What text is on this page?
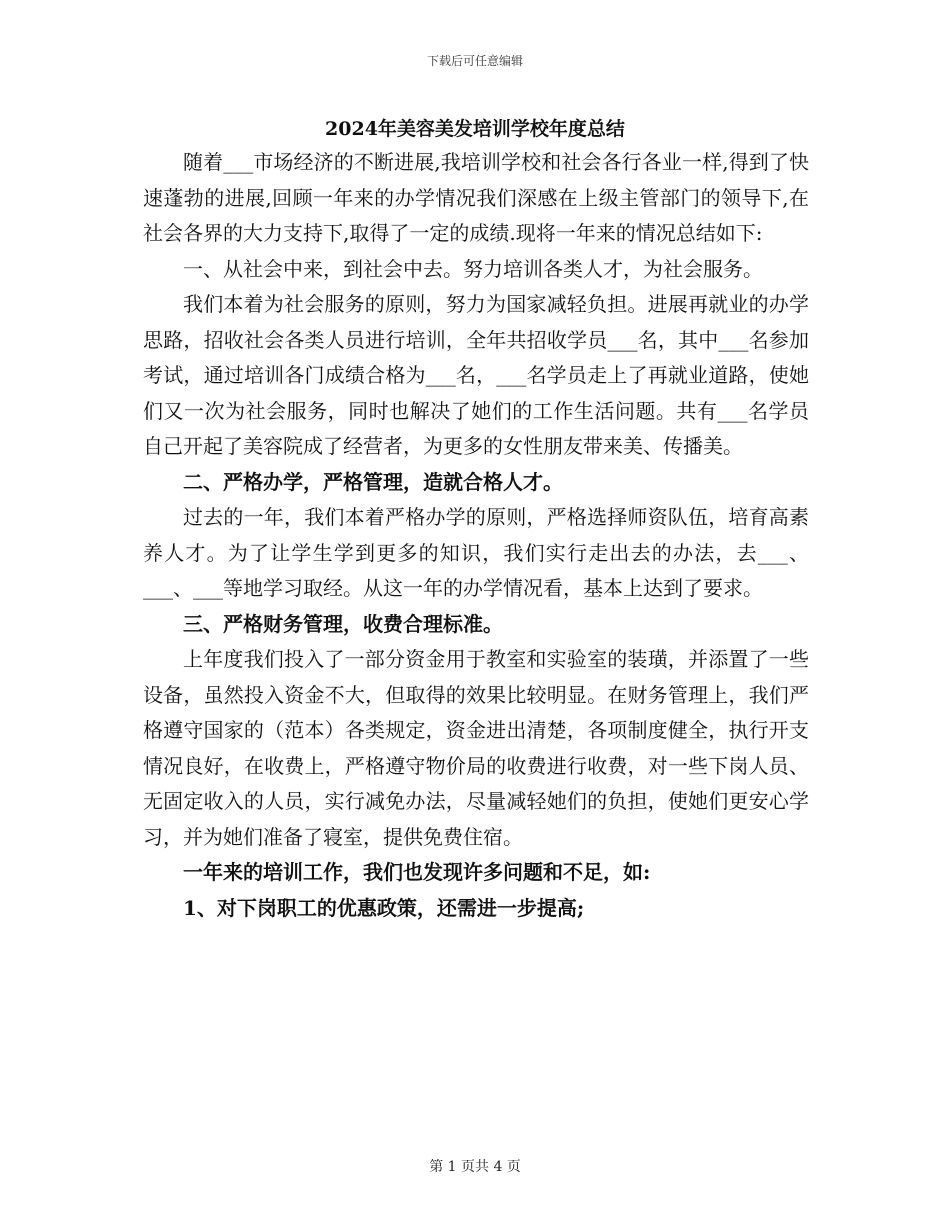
下载后可任意编辑
2024年美容美发培训学校年度总结

随着___市场经济的不断进展,我培训学校和社会各行各业一样,得到了快速蓬勃的进展,回顾一年来的办学情况我们深感在上级主管部门的领导下,在社会各界的大力支持下,取得了一定的成绩.现将一年来的情况总结如下:

一、从社会中来，到社会中去。努力培训各类人才，为社会服务。

我们本着为社会服务的原则，努力为国家减轻负担。进展再就业的办学思路，招收社会各类人员进行培训，全年共招收学员___名，其中___名参加考试，通过培训各门成绩合格为___名，___名学员走上了再就业道路，使她们又一次为社会服务，同时也解决了她们的工作生活问题。共有___名学员自己开起了美容院成了经营者，为更多的女性朋友带来美、传播美。

二、严格办学，严格管理，造就合格人才。

过去的一年，我们本着严格办学的原则，严格选择师资队伍，培育高素养人才。为了让学生学到更多的知识，我们实行走出去的办法，去___、___、___等地学习取经。从这一年的办学情况看，基本上达到了要求。

三、严格财务管理，收费合理标准。

上年度我们投入了一部分资金用于教室和实验室的装璜，并添置了一些设备，虽然投入资金不大，但取得的效果比较明显。在财务管理上，我们严格遵守国家的（范本）各类规定，资金进出清楚，各项制度健全，执行开支情况良好，在收费上，严格遵守物价局的收费进行收费，对一些下岗人员、无固定收入的人员，实行减免办法，尽量减轻她们的负担，使她们更安心学习，并为她们准备了寝室，提供免费住宿。

一年来的培训工作，我们也发现许多问题和不足，如:

1、对下岗职工的优惠政策，还需进一步提高;

第 1 页共 4 页
